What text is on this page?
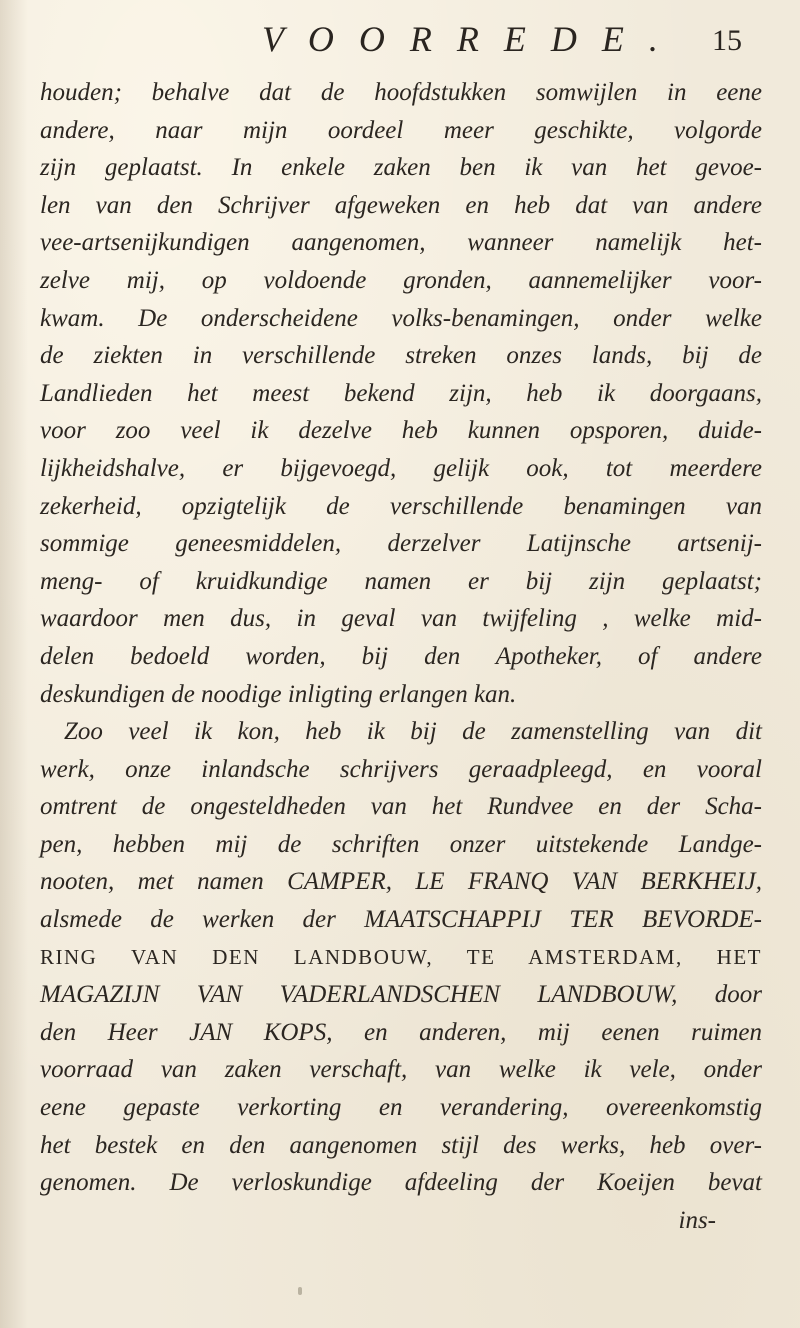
VOORREDE. 15
houden; behalve dat de hoofdstukken somwijlen in eene
andere, naar mijn oordeel meer geschikte, volgorde
zijn geplaatst. In enkele zaken ben ik van het gevoe-
len van den Schrijver afgeweken en heb dat van andere
vee-artsenijkundigen aangenomen, wanneer namelijk het-
zelve mij, op voldoende gronden, aannemelijker voor-
kwam. De onderscheidene volks-benamingen, onder welke
de ziekten in verschillende streken onzes lands, bij de
Landlieden het meest bekend zijn, heb ik doorgaans,
voor zoo veel ik dezelve heb kunnen opsporen, duide-
lijkheidshalve, er bijgevoegd, gelijk ook, tot meerdere
zekerheid, opzigtelijk de verschillende benamingen van
sommige geneesmiddelen, derzelver Latijnsche artsenij-
meng- of kruidkundige namen er bij zijn geplaatst;
waardoor men dus, in geval van twijfeling , welke mid-
delen bedoeld worden, bij den Apotheker, of andere
deskundigen de noodige inligting erlangen kan.
Zoo veel ik kon, heb ik bij de zamenstelling van dit
werk, onze inlandsche schrijvers geraadpleegd, en vooral
omtrent de ongesteldheden van het Rundvee en der Scha-
pen, hebben mij de schriften onzer uitstekende Landge-
nooten, met namen CAMPER, LE FRANQ VAN BERKHEIJ,
alsmede de werken der MAATSCHAPPIJ TER BEVORDE-
RING VAN DEN LANDBOUW, TE AMSTERDAM, HET
MAGAZIJN VAN VADERLANDSCHEN LANDBOUW, door
den Heer JAN KOPS, en anderen, mij eenen ruimen
voorraad van zaken verschaft, van welke ik vele, onder
eene gepaste verkorting en verandering, overeenkomstig
het bestek en den aangenomen stijl des werks, heb over-
genomen. De verloskundige afdeeling der Koeijen bevat
ins-
